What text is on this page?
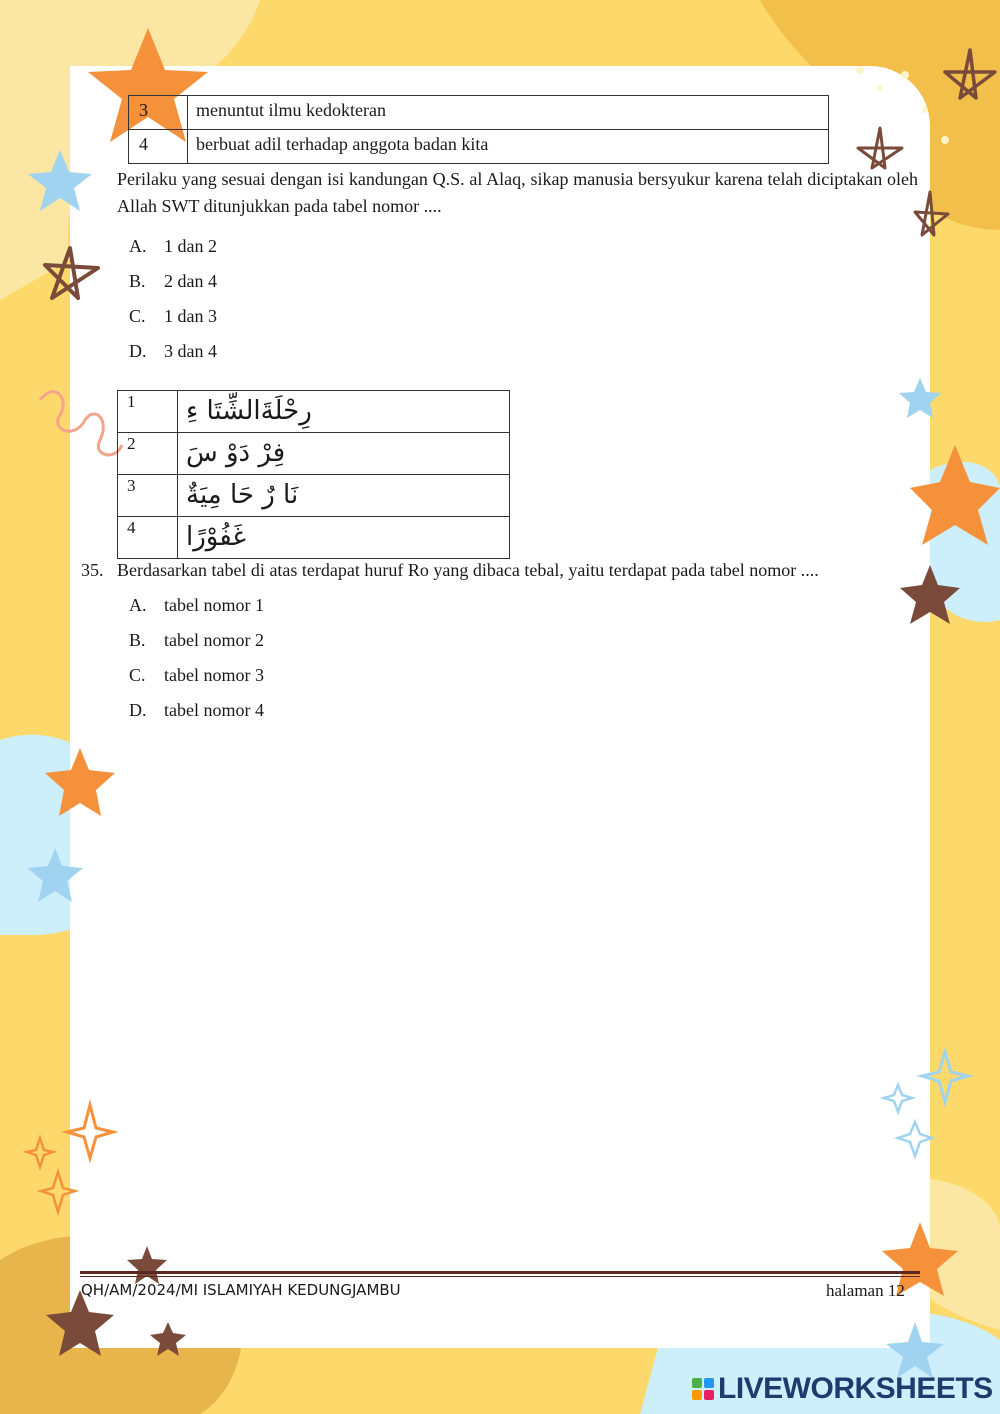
3	menuntut ilmu kedokteran
4	berbuat adil terhadap anggota badan kita
Perilaku yang sesuai dengan isi kandungan Q.S. al Alaq, sikap manusia bersyukur karena telah diciptakan oleh Allah SWT ditunjukkan pada tabel nomor ....
A. 1 dan 2
B. 2 dan 4
C. 1 dan 3
D. 3 dan 4
1	رِحْلَةَالشِّتَا ءِ
2	فِرْ دَوْ سَ
3	نَا رٌ حَا مِيَةٌ
4	غَفُوْرًا
35. Berdasarkan tabel di atas terdapat huruf Ro yang dibaca tebal, yaitu terdapat pada tabel nomor ....
A. tabel nomor 1
B. tabel nomor 2
C. tabel nomor 3
D. tabel nomor 4
QH/AM/2024/MI ISLAMIYAH KEDUNGJAMBU	halaman 12
LIVEWORKSHEETS
